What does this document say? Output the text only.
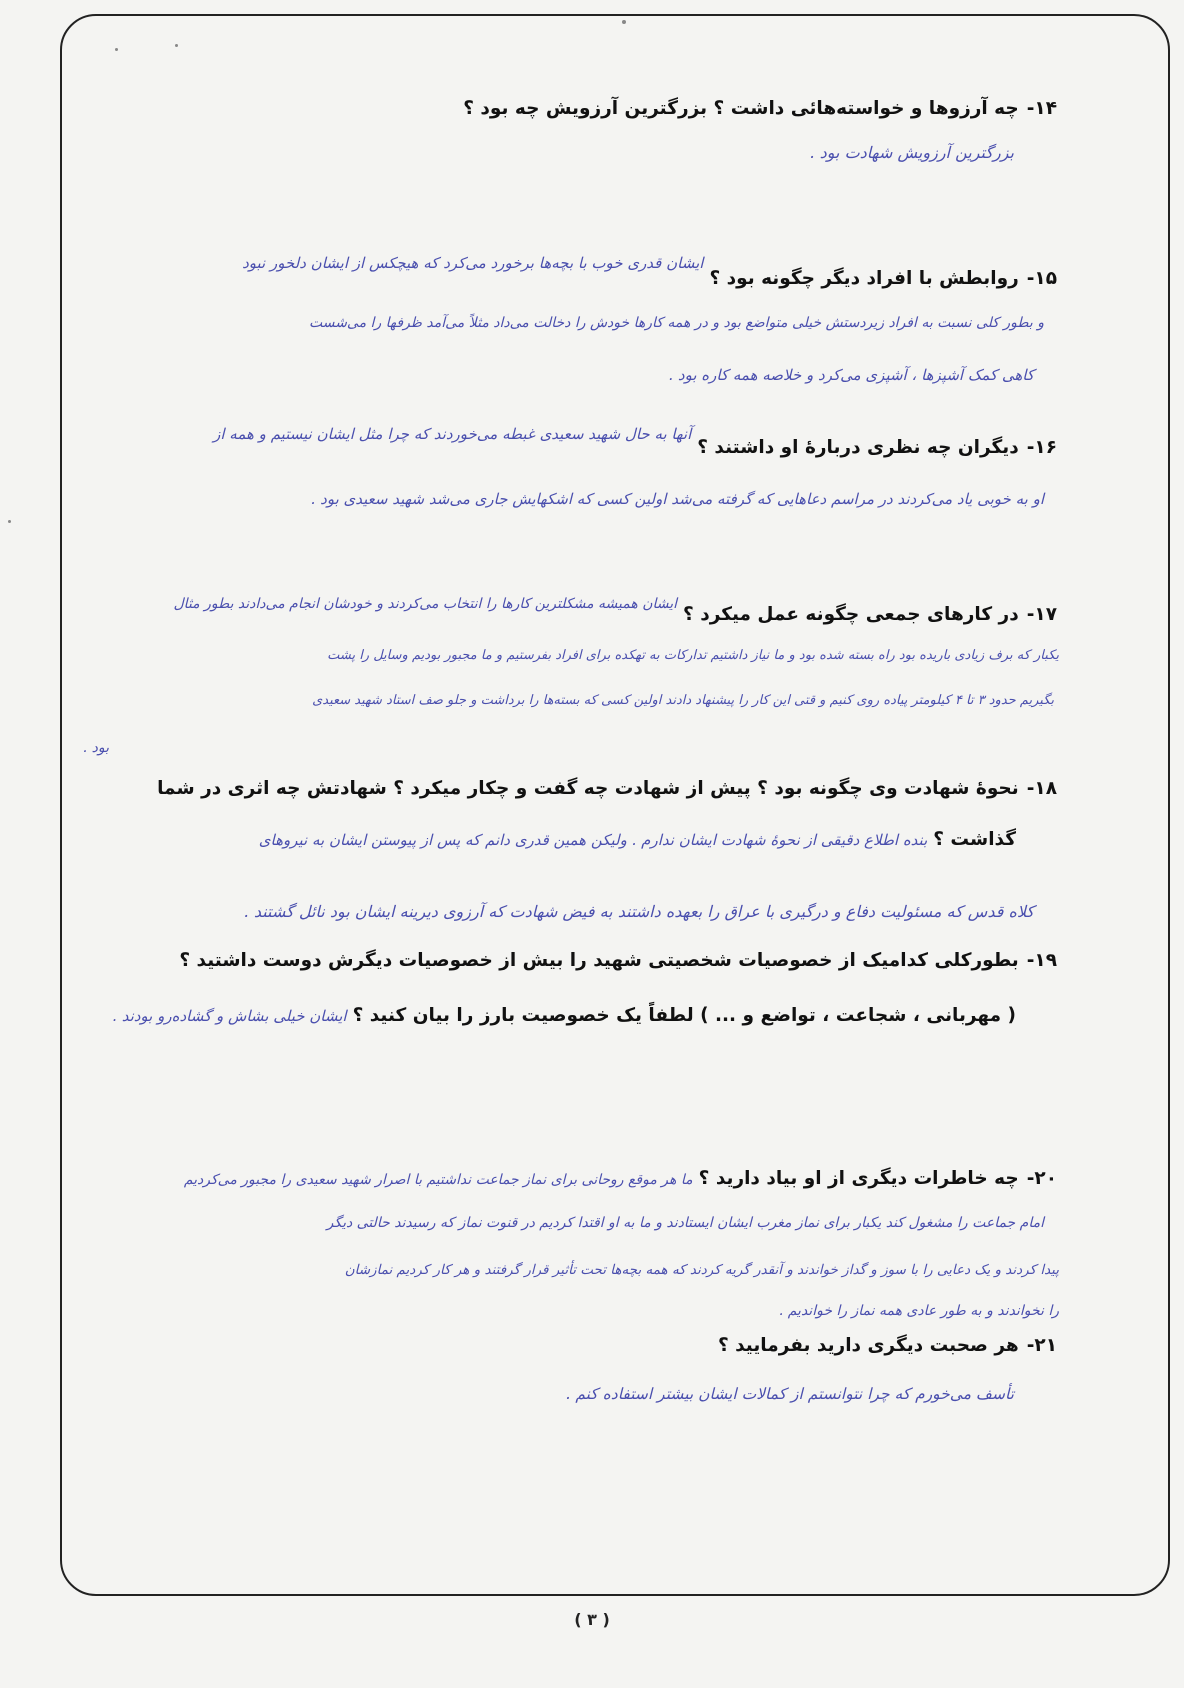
۱۴-چه آرزوها و خواسته‌هائی داشت ؟ بزرگترین آرزویش چه بود ؟
بزرگترین آرزویش شهادت بود .
۱۵-روابطش با افراد دیگر چگونه بود ؟$^{ایشان قدری خوب با بچه‌ها برخورد می‌کرد که هیچکس از ایشان دلخور نبود}$
و بطور کلی نسبت به افراد زیردستش خیلی متواضع بود و در همه کارها خودش را دخالت می‌داد مثلاً می‌آمد ظرفها را می‌شست
کاهی کمک آشپزها ، آشپزی می‌کرد و خلاصه همه کاره بود .
۱۶-دیگران چه نظری دربارهٔ او داشتند ؟$^{آنها به حال شهید سعیدی غبطه می‌خوردند که چرا مثل ایشان نیستیم و همه از}$
او به خوبی یاد می‌کردند در مراسم دعاهایی که گرفته می‌شد اولین کسی که اشکهایش جاری می‌شد شهید سعیدی بود .
۱۷-در کارهای جمعی چگونه عمل میکرد ؟$^{ایشان همیشه مشکلترین کارها را انتخاب می‌کردند و خودشان انجام می‌دادند بطور مثال}$
یکبار که برف زیادی باریده بود راه بسته شده بود و ما نیاز داشتیم تدارکات به تهکده برای افراد بفرستیم و ما مجبور بودیم وسایل را پشت
بگیریم حدود ۳ تا ۴ کیلومتر پیاده روی کنیم و قتی این کار را پیشنهاد دادند اولین کسی که بسته‌ها را برداشت و جلو صف استاد شهید سعیدی
بود .
۱۸-نحوهٔ شهادت وی چگونه بود ؟ پیش از شهادت چه گفت و چکار میکرد ؟ شهادتش چه اثری در شما
گذاشت ؟بنده اطلاع دقیقی از نحوهٔ شهادت ایشان ندارم . ولیکن همین قدری دانم که پس از پیوستن ایشان به نیروهای
کلاه قدس که مسئولیت دفاع و درگیری با عراق را بعهده داشتند به فیض شهادت که آرزوی دیرینه ایشان بود نائل گشتند .
۱۹-بطورکلی کدامیک از خصوصیات شخصیتی شهید را بیش از خصوصیات دیگرش دوست داشتید ؟
( مهربانی ، شجاعت ، تواضع و ... ) لطفاً یک خصوصیت بارز را بیان کنید ؟ایشان خیلی بشاش و گشاده‌رو بودند .
۲۰-چه خاطرات دیگری از او بیاد دارید ؟ما هر موقع روحانی برای نماز جماعت نداشتیم با اصرار شهید سعیدی را مجبور می‌کردیم
امام جماعت را مشغول کند یکبار برای نماز مغرب ایشان ایستادند و ما به او اقتدا کردیم در قنوت نماز که رسیدند حالتی دیگر
پیدا کردند و یک دعایی را با سوز و گداز خواندند و آنقدر گریه کردند که همه بچه‌ها تحت تأثیر قرار گرفتند و هر کار کردیم نمازشان
را نخواندند و به طور عادی همه نماز را خواندیم .
۲۱-هر صحبت دیگری دارید بفرمایید ؟
تأسف می‌خورم که چرا نتوانستم از کمالات ایشان بیشتر استفاده کنم .
( ۳ )
